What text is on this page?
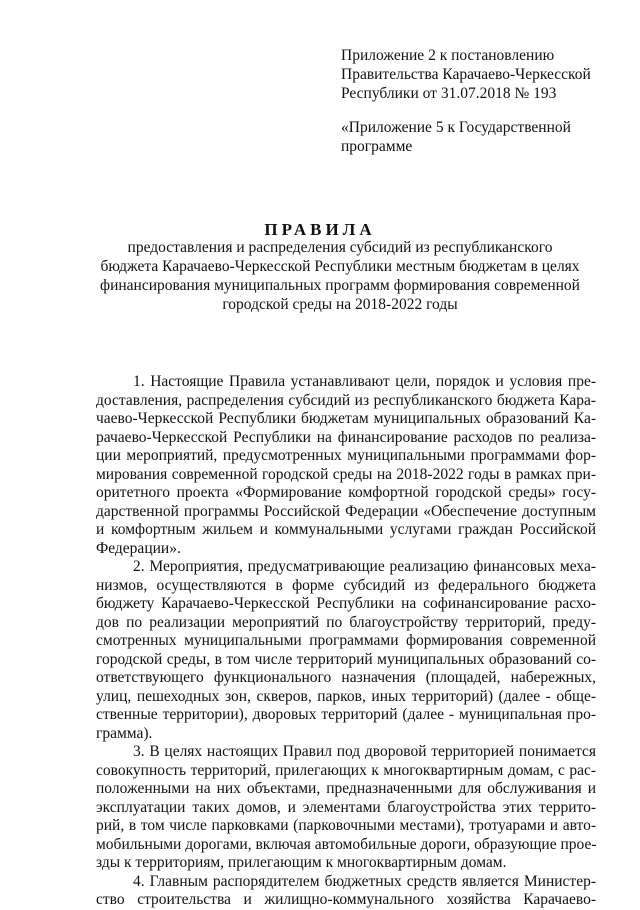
Приложение 2 к постановлению
Правительства Карачаево-Черкесской
Республики от 31.07.2018 № 193
«Приложение 5 к Государственной
программе
ПРАВИЛА
предоставления и распределения субсидий из республиканского
бюджета Карачаево-Черкесской Республики местным бюджетам в целях
финансирования муниципальных программ формирования современной
городской среды на 2018-2022 годы
1. Настоящие Правила устанавливают цели, порядок и условия пре-
доставления, распределения субсидий из республиканского бюджета Кара-
чаево-Черкесской Республики бюджетам муниципальных образований Ка-
рачаево-Черкесской Республики на финансирование расходов по реализа-
ции мероприятий, предусмотренных муниципальными программами фор-
мирования современной городской среды на 2018-2022 годы в рамках при-
оритетного проекта «Формирование комфортной городской среды» госу-
дарственной программы Российской Федерации «Обеспечение доступным
и комфортным жильем и коммунальными услугами граждан Российской
Федерации».
2. Мероприятия, предусматривающие реализацию финансовых меха-
низмов, осуществляются в форме субсидий из федерального бюджета
бюджету Карачаево-Черкесской Республики на софинансирование расхо-
дов по реализации мероприятий по благоустройству территорий, преду-
смотренных муниципальными программами формирования современной
городской среды, в том числе территорий муниципальных образований со-
ответствующего функционального назначения (площадей, набережных,
улиц, пешеходных зон, скверов, парков, иных территорий) (далее - обще-
ственные территории), дворовых территорий (далее - муниципальная про-
грамма).
3. В целях настоящих Правил под дворовой территорией понимается
совокупность территорий, прилегающих к многоквартирным домам, с рас-
положенными на них объектами, предназначенными для обслуживания и
эксплуатации таких домов, и элементами благоустройства этих террито-
рий, в том числе парковками (парковочными местами), тротуарами и авто-
мобильными дорогами, включая автомобильные дороги, образующие прое-
зды к территориям, прилегающим к многоквартирным домам.
4. Главным распорядителем бюджетных средств является Министер-
ство строительства и жилищно-коммунального хозяйства Карачаево-
